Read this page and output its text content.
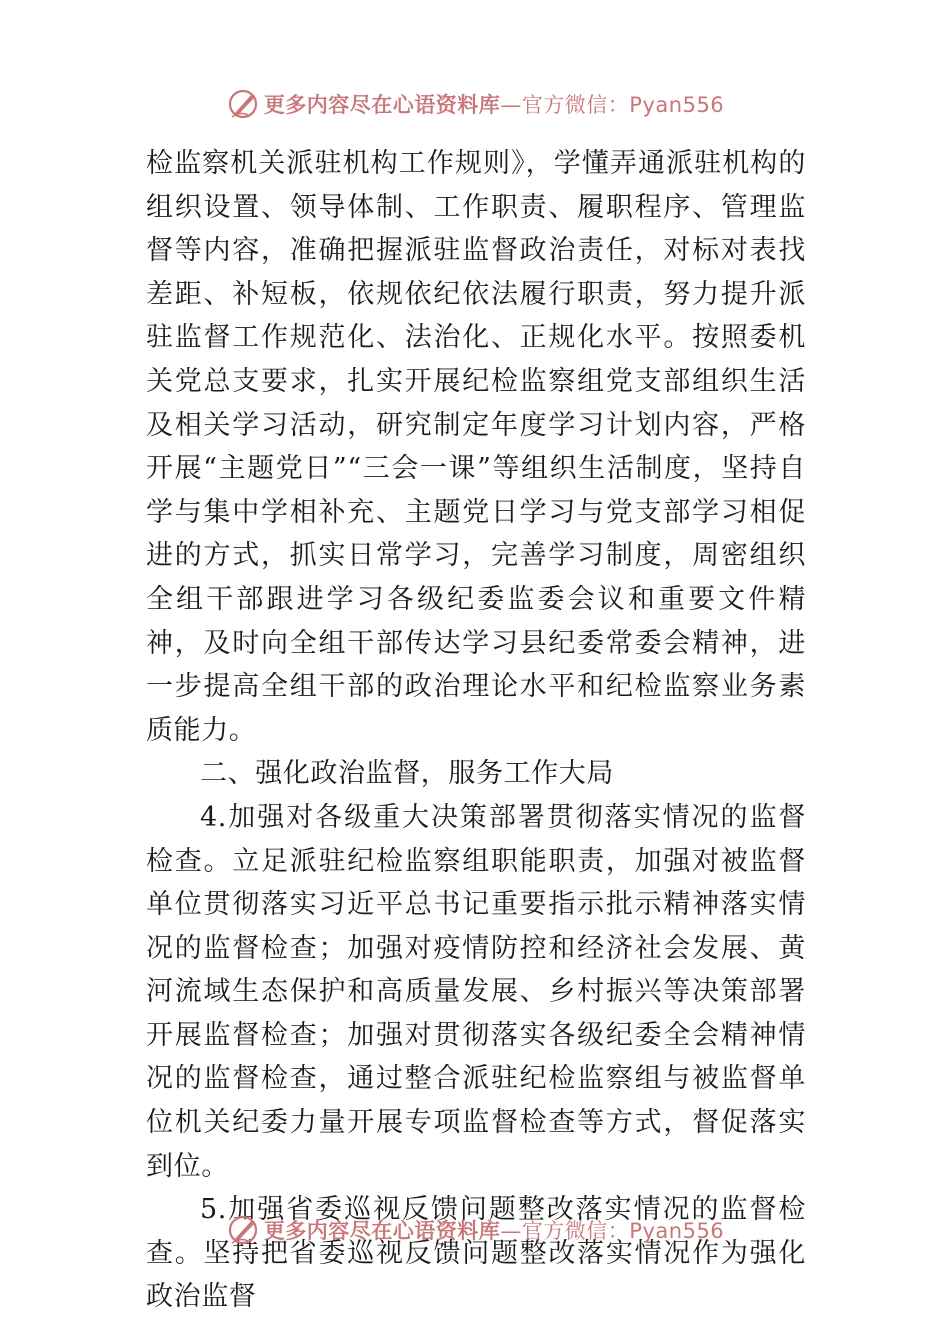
更多内容尽在心语资料库—官方微信：Pyan556

检监察机关派驻机构工作规则》，学懂弄通派驻机构的组织设置、领导体制、工作职责、履职程序、管理监督等内容，准确把握派驻监督政治责任，对标对表找差距、补短板，依规依纪依法履行职责，努力提升派驻监督工作规范化、法治化、正规化水平。按照委机关党总支要求，扎实开展纪检监察组党支部组织生活及相关学习活动，研究制定年度学习计划内容，严格开展“主题党日”“三会一课”等组织生活制度，坚持自学与集中学相补充、主题党日学习与党支部学习相促进的方式，抓实日常学习，完善学习制度，周密组织全组干部跟进学习各级纪委监委会议和重要文件精神，及时向全组干部传达学习县纪委常委会精神，进一步提高全组干部的政治理论水平和纪检监察业务素质能力。

二、强化政治监督，服务工作大局

4.加强对各级重大决策部署贯彻落实情况的监督检查。立足派驻纪检监察组职能职责，加强对被监督单位贯彻落实习近平总书记重要指示批示精神落实情况的监督检查；加强对疫情防控和经济社会发展、黄河流域生态保护和高质量发展、乡村振兴等决策部署开展监督检查；加强对贯彻落实各级纪委全会精神情况的监督检查，通过整合派驻纪检监察组与被监督单位机关纪委力量开展专项监督检查等方式，督促落实到位。

5.加强省委巡视反馈问题整改落实情况的监督检查。坚持把省委巡视反馈问题整改落实情况作为强化政治监督

更多内容尽在心语资料库—官方微信：Pyan556
